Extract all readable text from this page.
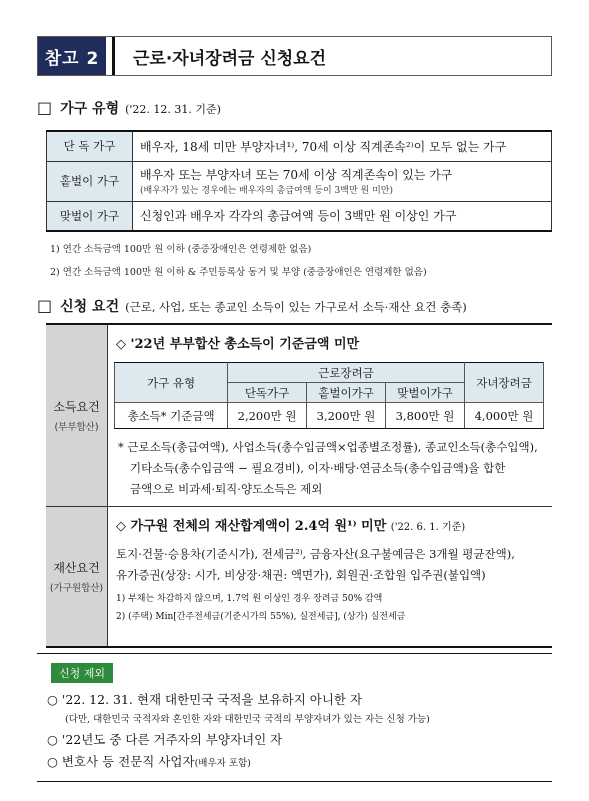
참고 2	근로·자녀장려금 신청요건
□ 가구 유형 ('22. 12. 31. 기준)
단 독 가구	배우자, 18세 미만 부양자녀¹⁾, 70세 이상 직계존속²⁾이 모두 없는 가구
홑벌이 가구	배우자 또는 부양자녀 또는 70세 이상 직계존속이 있는 가구
(배우자가 있는 경우에는 배우자의 총급여액 등이 3백만 원 미만)

맞벌이 가구	신청인과 배우자 각각의 총급여액 등이 3백만 원 이상인 가구
1) 연간 소득금액 100만 원 이하 (중증장애인은 연령제한 없음)
2) 연간 소득금액 100만 원 이하 & 주민등록상 동거 및 부양 (중증장애인은 연령제한 없음)
□ 신청 요건 (근로, 사업, 또는 종교인 소득이 있는 가구로서 소득·재산 요건 충족)
소득요건
(부부합산)

◇ '22년 부부합산 총소득이 기준금액 미만
가구 유형	근로장려금	자녀장려금
단독가구	홑벌이가구	맞벌이가구
총소득* 기준금액	2,200만 원	3,200만 원	3,800만 원	4,000만 원
* 근로소득(총급여액), 사업소득(총수입금액×업종별조정률), 종교인소득(총수입액),
기타소득(총수입금액 − 필요경비), 이자·배당·연금소득(총수입금액)을 합한
금액으로 비과세·퇴직·양도소득은 제외

재산요건
(가구원합산)

◇ 가구원 전체의 재산합계액이 2.4억 원¹⁾ 미만 ('22. 6. 1. 기준)
토지·건물·승용차(기준시가), 전세금²⁾, 금융자산(요구불예금은 3개월 평균잔액),
유가증권(상장: 시가, 비상장·채권: 액면가), 회원권·조합원 입주권(불입액)
1) 부채는 차감하지 않으며, 1.7억 원 이상인 경우 장려금 50% 감액
2) (주택) Min[간주전세금(기준시가의 55%), 실전세금], (상가) 실전세금
신청 제외
○ '22. 12. 31. 현재 대한민국 국적을 보유하지 아니한 자
(다만, 대한민국 국적자와 혼인한 자와 대한민국 국적의 부양자녀가 있는 자는 신청 가능)
○ '22년도 중 다른 거주자의 부양자녀인 자
○ 변호사 등 전문직 사업자(배우자 포함)
